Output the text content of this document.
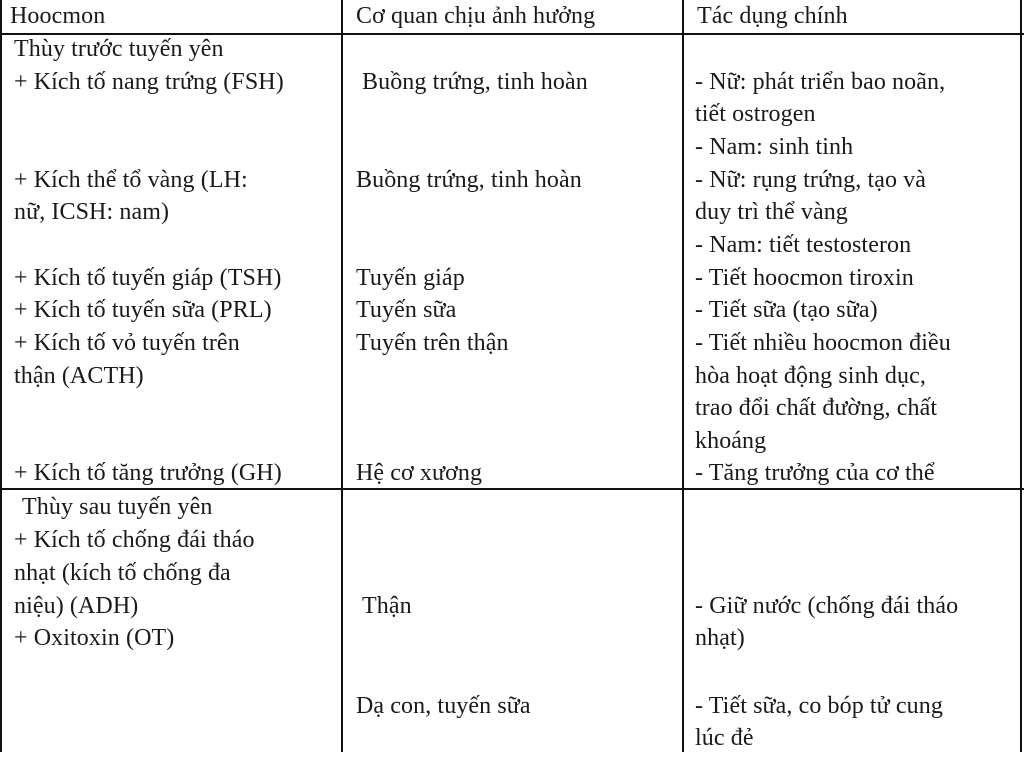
Hoocmon	Cơ quan chịu ảnh hưởng	Tác dụng chính
Thùy trước tuyến yên
+ Kích tố nang trứng (FSH)
+ Kích thể tổ vàng (LH:
nữ, ICSH: nam)
+ Kích tố tuyến giáp (TSH)
+ Kích tố tuyến sữa (PRL)
+ Kích tố vỏ tuyến trên
thận (ACTH)
+ Kích tố tăng trưởng (GH)
Buồng trứng, tinh hoàn
Buồng trứng, tinh hoàn
Tuyến giáp
Tuyến sữa
Tuyến trên thận
Hệ cơ xương
- Nữ: phát triển bao noãn,
tiết ostrogen
- Nam: sinh tinh
- Nữ: rụng trứng, tạo và
duy trì thể vàng
- Nam: tiết testosteron
- Tiết hoocmon tiroxin
- Tiết sữa (tạo sữa)
- Tiết nhiều hoocmon điều
hòa hoạt động sinh dục,
trao đổi chất đường, chất
khoáng
- Tăng trưởng của cơ thể
Thùy sau tuyến yên
+ Kích tố chống đái tháo
nhạt (kích tố chống đa
niệu) (ADH)
+ Oxitoxin (OT)
Thận
Dạ con, tuyến sữa
- Giữ nước (chống đái tháo
nhạt)
- Tiết sữa, co bóp tử cung
lúc đẻ
